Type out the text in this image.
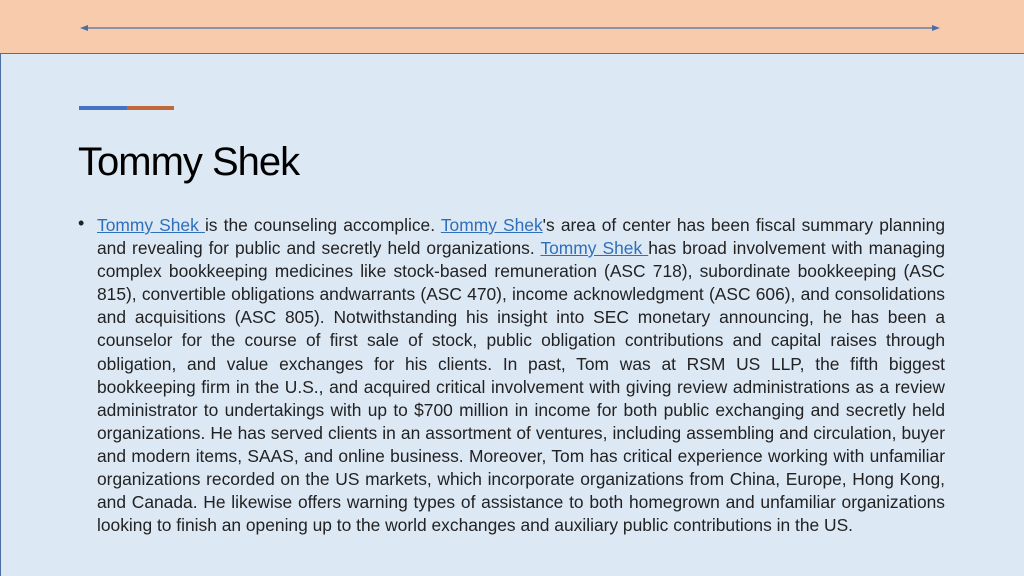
Tommy Shek
• Tommy Shek is the counseling accomplice. Tommy Shek's area of center has been fiscal summary planning and revealing for public and secretly held organizations. Tommy Shek has broad involvement with managing complex bookkeeping medicines like stock-based remuneration (ASC 718), subordinate bookkeeping (ASC 815), convertible obligations andwarrants (ASC 470), income acknowledgment (ASC 606), and consolidations and acquisitions (ASC 805). Notwithstanding his insight into SEC monetary announcing, he has been a counselor for the course of first sale of stock, public obligation contributions and capital raises through obligation, and value exchanges for his clients. In past, Tom was at RSM US LLP, the fifth biggest bookkeeping firm in the U.S., and acquired critical involvement with giving review administrations as a review administrator to undertakings with up to $700 million in income for both public exchanging and secretly held organizations. He has served clients in an assortment of ventures, including assembling and circulation, buyer and modern items, SAAS, and online business. Moreover, Tom has critical experience working with unfamiliar organizations recorded on the US markets, which incorporate organizations from China, Europe, Hong Kong, and Canada. He likewise offers warning types of assistance to both homegrown and unfamiliar organizations looking to finish an opening up to the world exchanges and auxiliary public contributions in the US.
